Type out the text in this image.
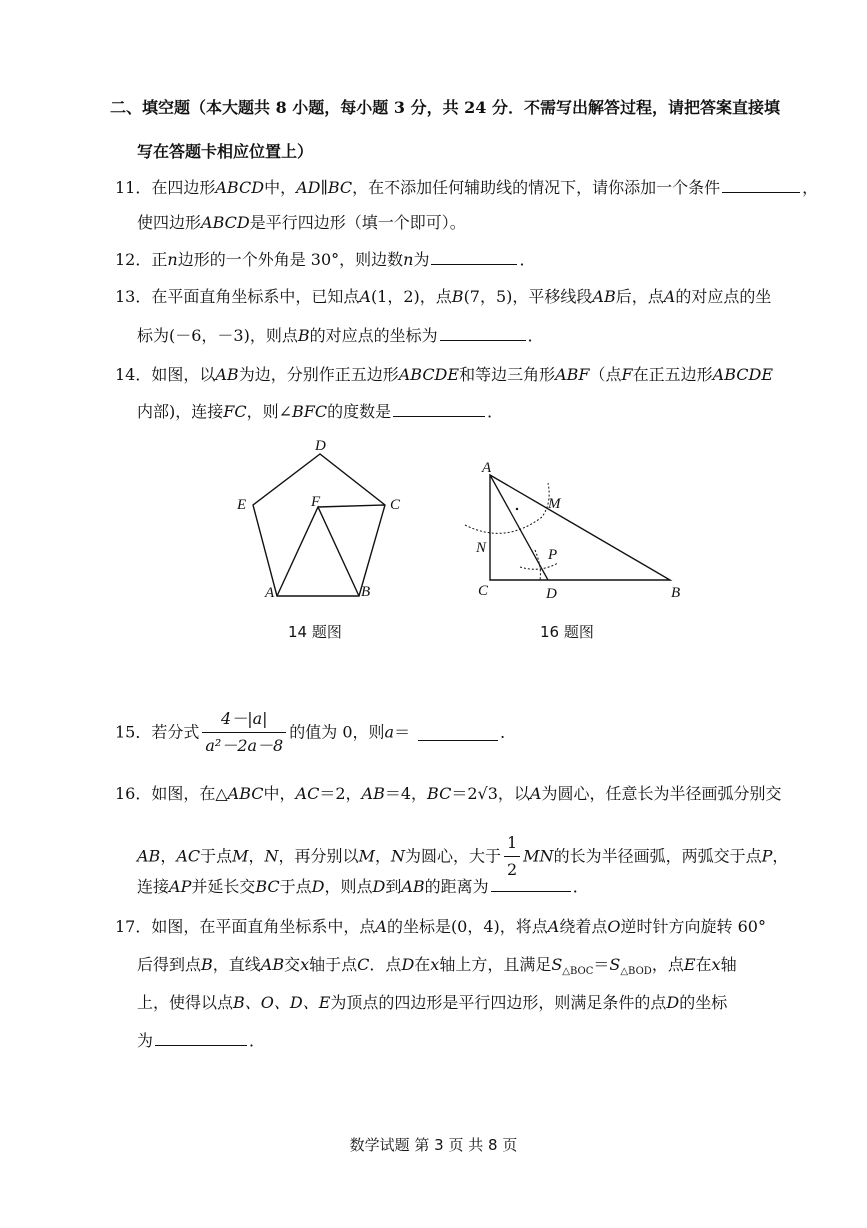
二、填空题（本大题共 8 小题，每小题 3 分，共 24 分．不需写出解答过程，请把答案直接填
写在答题卡相应位置上）
11．在四边形ABCD中，AD∥BC，在不添加任何辅助线的情况下，请你添加一个条件	，
使四边形ABCD是平行四边形（填一个即可）。
12．正n边形的一个外角是 30°，则边数n为	．
13．在平面直角坐标系中，已知点A(1，2)，点B(7，5)，平移线段AB后，点A的对应点的坐
标为(－6，－3)，则点B的对应点的坐标为	．
14．如图，以AB为边，分别作正五边形ABCDE和等边三角形ABF（点F在正五边形ABCDE
内部)，连接FC，则∠BFC的度数是	．
D
E	F	C
A	B
14 题图
A
M
N	P
C	D	B
16 题图
15．若分式 $\frac{4-|a|}{\text{a²－2a－8}}$ 的值为 0，则a＝	．
16．如图，在△ABC中，AC＝2，AB＝4，BC＝2√3，以A为圆心，任意长为半径画弧分别交
AB，AC于点M，N，再分别以M，N为圆心，大于 $\frac{1}{2}$ MN的长为半径画弧，两弧交于点P，
连接AP并延长交BC于点D，则点D到AB的距离为	．
17．如图，在平面直角坐标系中，点A的坐标是(0，4)，将点A绕着点O逆时针方向旋转 60°
后得到点B，直线AB交x轴于点C．点D在x轴上方，且满足$S_{\triangle BOC}=S_{\triangle BOD}$，点E在x轴
上，使得以点B、O、D、E为顶点的四边形是平行四边形，则满足条件的点D的坐标
为	．
数学试题 第 3 页 共 8 页
